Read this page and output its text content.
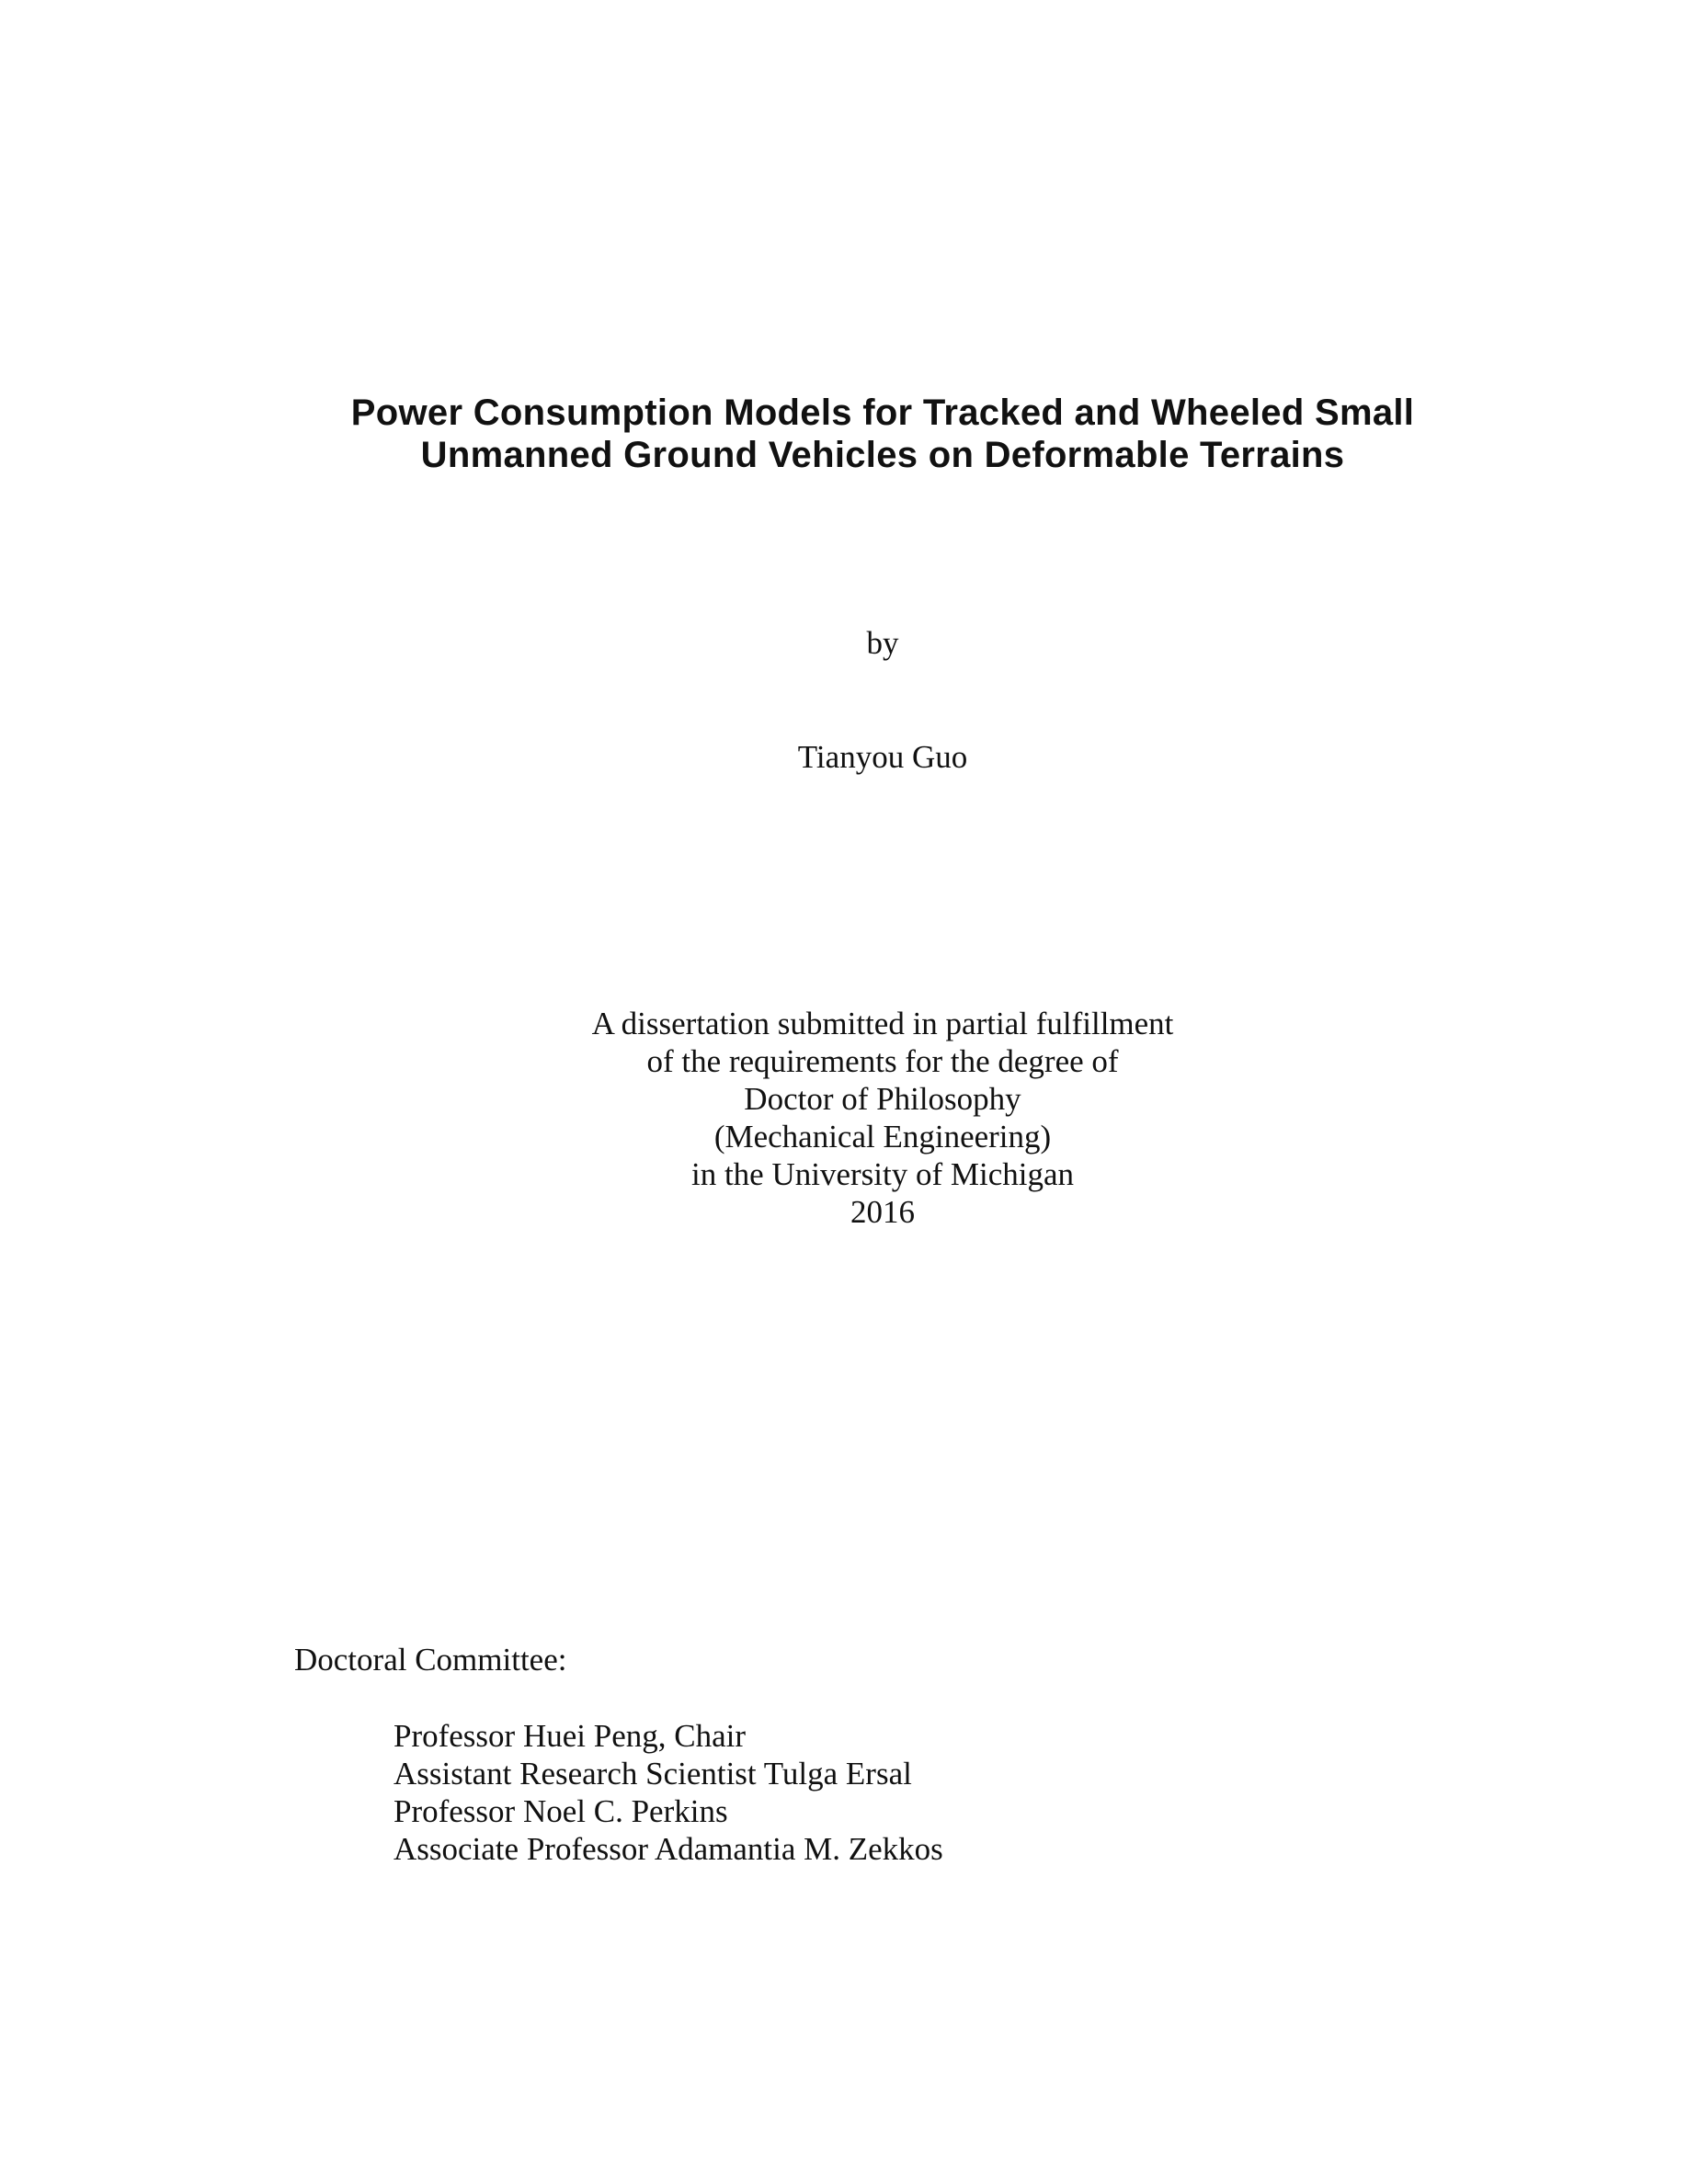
Power Consumption Models for Tracked and Wheeled Small
Unmanned Ground Vehicles on Deformable Terrains
by
Tianyou Guo
A dissertation submitted in partial fulfillment
of the requirements for the degree of
Doctor of Philosophy
(Mechanical Engineering)
in the University of Michigan
2016
Doctoral Committee:
Professor Huei Peng, Chair
Assistant Research Scientist Tulga Ersal
Professor Noel C. Perkins
Associate Professor Adamantia M. Zekkos
